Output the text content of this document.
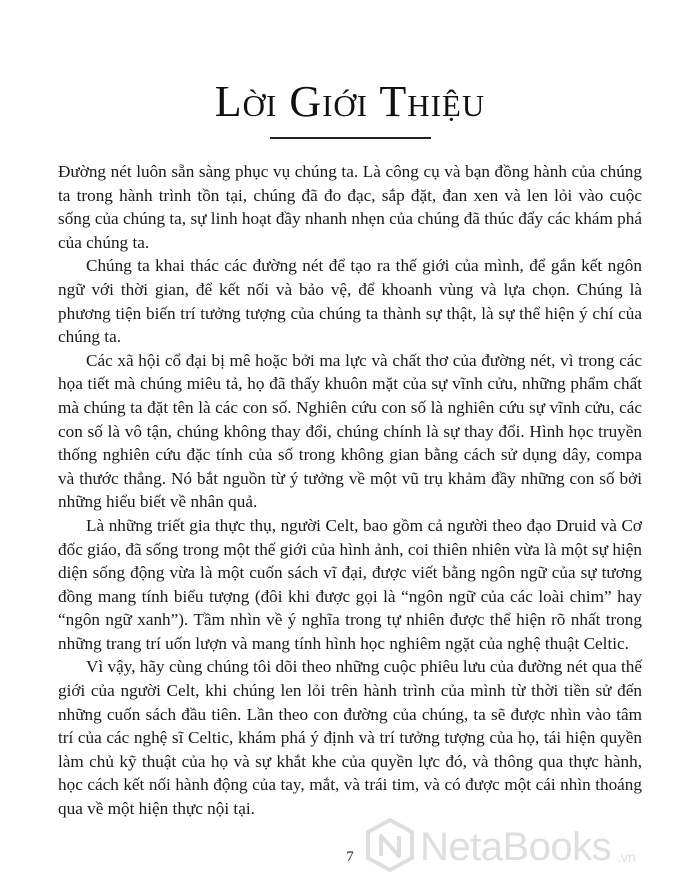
Lời Giới Thiệu

Đường nét luôn sẵn sàng phục vụ chúng ta. Là công cụ và bạn đồng hành của chúng ta trong hành trình tồn tại, chúng đã đo đạc, sắp đặt, đan xen và len lỏi vào cuộc sống của chúng ta, sự linh hoạt đầy nhanh nhẹn của chúng đã thúc đẩy các khám phá của chúng ta.

Chúng ta khai thác các đường nét để tạo ra thế giới của mình, để gắn kết ngôn ngữ với thời gian, để kết nối và bảo vệ, để khoanh vùng và lựa chọn. Chúng là phương tiện biến trí tưởng tượng của chúng ta thành sự thật, là sự thể hiện ý chí của chúng ta.

Các xã hội cổ đại bị mê hoặc bởi ma lực và chất thơ của đường nét, vì trong các họa tiết mà chúng miêu tả, họ đã thấy khuôn mặt của sự vĩnh cửu, những phẩm chất mà chúng ta đặt tên là các con số. Nghiên cứu con số là nghiên cứu sự vĩnh cửu, các con số là vô tận, chúng không thay đổi, chúng chính là sự thay đổi. Hình học truyền thống nghiên cứu đặc tính của số trong không gian bằng cách sử dụng dây, compa và thước thẳng. Nó bắt nguồn từ ý tưởng về một vũ trụ khảm đầy những con số bởi những hiểu biết về nhân quả.

Là những triết gia thực thụ, người Celt, bao gồm cả người theo đạo Druid và Cơ đốc giáo, đã sống trong một thế giới của hình ảnh, coi thiên nhiên vừa là một sự hiện diện sống động vừa là một cuốn sách vĩ đại, được viết bằng ngôn ngữ của sự tương đồng mang tính biểu tượng (đôi khi được gọi là “ngôn ngữ của các loài chim” hay “ngôn ngữ xanh”). Tầm nhìn về ý nghĩa trong tự nhiên được thể hiện rõ nhất trong những trang trí uốn lượn và mang tính hình học nghiêm ngặt của nghệ thuật Celtic.

Vì vậy, hãy cùng chúng tôi dõi theo những cuộc phiêu lưu của đường nét qua thế giới của người Celt, khi chúng len lỏi trên hành trình của mình từ thời tiền sử đến những cuốn sách đầu tiên. Lần theo con đường của chúng, ta sẽ được nhìn vào tâm trí của các nghệ sĩ Celtic, khám phá ý định và trí tưởng tượng của họ, tái hiện quyền làm chủ kỹ thuật của họ và sự khắt khe của quyền lực đó, và thông qua thực hành, học cách kết nối hành động của tay, mắt, và trái tim, và có được một cái nhìn thoáng qua về một hiện thực nội tại.

7	NetaBooks .vn
